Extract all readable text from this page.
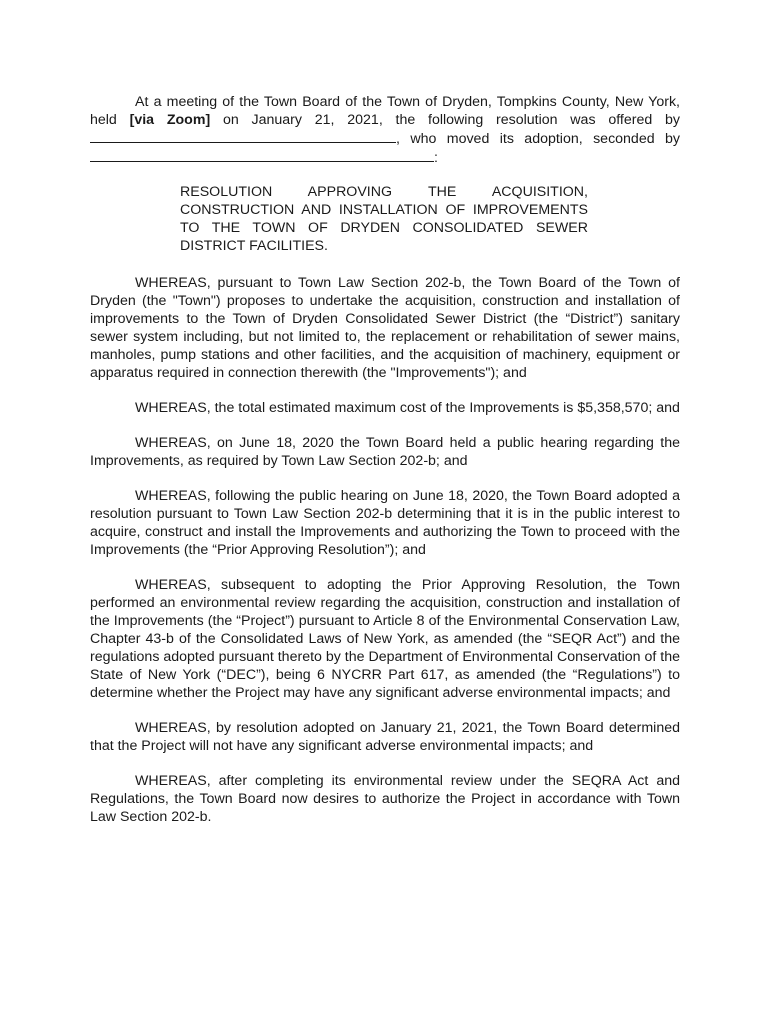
At a meeting of the Town Board of the Town of Dryden, Tompkins County, New York, held [via Zoom] on January 21, 2021, the following resolution was offered by , who moved its adoption, seconded by :

RESOLUTION APPROVING THE ACQUISITION, CONSTRUCTION AND INSTALLATION OF IMPROVEMENTS TO THE TOWN OF DRYDEN CONSOLIDATED SEWER DISTRICT FACILITIES.

WHEREAS, pursuant to Town Law Section 202-b, the Town Board of the Town of Dryden (the "Town") proposes to undertake the acquisition, construction and installation of improvements to the Town of Dryden Consolidated Sewer District (the “District”) sanitary sewer system including, but not limited to, the replacement or rehabilitation of sewer mains, manholes, pump stations and other facilities, and the acquisition of machinery, equipment or apparatus required in connection therewith (the "Improvements"); and

WHEREAS, the total estimated maximum cost of the Improvements is $5,358,570; and

WHEREAS, on June 18, 2020 the Town Board held a public hearing regarding the Improvements, as required by Town Law Section 202-b; and

WHEREAS, following the public hearing on June 18, 2020, the Town Board adopted a resolution pursuant to Town Law Section 202-b determining that it is in the public interest to acquire, construct and install the Improvements and authorizing the Town to proceed with the Improvements (the “Prior Approving Resolution”); and

WHEREAS, subsequent to adopting the Prior Approving Resolution, the Town performed an environmental review regarding the acquisition, construction and installation of the Improvements (the “Project”) pursuant to Article 8 of the Environmental Conservation Law, Chapter 43-b of the Consolidated Laws of New York, as amended (the “SEQR Act”) and the regulations adopted pursuant thereto by the Department of Environmental Conservation of the State of New York (“DEC”), being 6 NYCRR Part 617, as amended (the “Regulations”) to determine whether the Project may have any significant adverse environmental impacts; and

WHEREAS, by resolution adopted on January 21, 2021, the Town Board determined that the Project will not have any significant adverse environmental impacts; and

WHEREAS, after completing its environmental review under the SEQRA Act and Regulations, the Town Board now desires to authorize the Project in accordance with Town Law Section 202-b.
